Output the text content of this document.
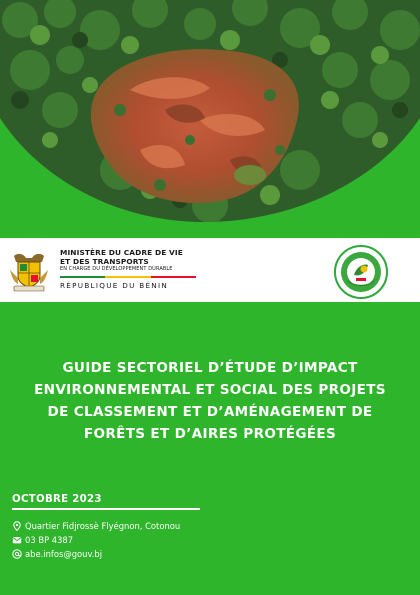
MINISTÈRE DU CADRE DE VIE
ET DES TRANSPORTS
EN CHARGE DU DÉVELOPPEMENT DURABLE
RÉPUBLIQUE DU BÉNIN
GUIDE SECTORIEL D’ÉTUDE D’IMPACT
ENVIRONNEMENTAL ET SOCIAL DES PROJETS
DE CLASSEMENT ET D’AMÉNAGEMENT DE
FORÊTS ET D’AIRES PROTÉGÉES
OCTOBRE 2023
Quartier Fidjrossè Flyégnon, Cotonou
03 BP 4387
abe.infos@gouv.bj
